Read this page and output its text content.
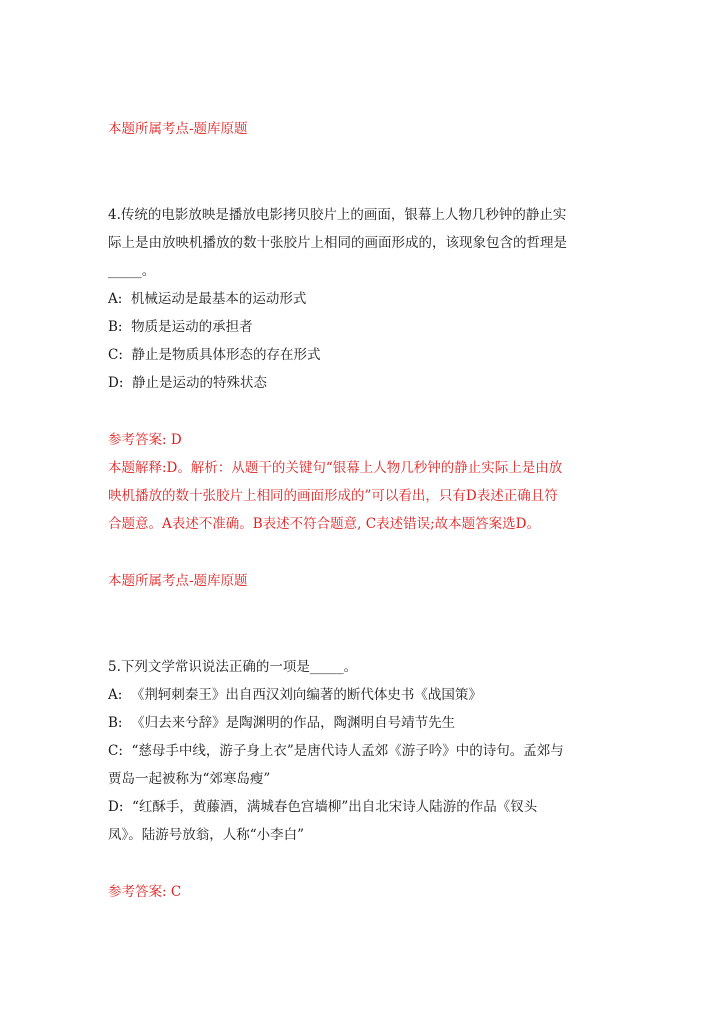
本题所属考点-题库原题
4.传统的电影放映是播放电影拷贝胶片上的画面，银幕上人物几秒钟的静止实
际上是由放映机播放的数十张胶片上相同的画面形成的，该现象包含的哲理是
_____。
A: 机械运动是最基本的运动形式
B: 物质是运动的承担者
C: 静止是物质具体形态的存在形式
D: 静止是运动的特殊状态
参考答案: D
本题解释:D。解析：从题干的关键句“银幕上人物几秒钟的静止实际上是由放
映机播放的数十张胶片上相同的画面形成的”可以看出，只有D表述正确且符
合题意。A表述不准确。B表述不符合题意, C表述错误;故本题答案选D。
本题所属考点-题库原题
5.下列文学常识说法正确的一项是_____。
A: 《荆轲刺秦王》出自西汉刘向编著的断代体史书《战国策》
B: 《归去来兮辞》是陶渊明的作品，陶渊明自号靖节先生
C: “慈母手中线，游子身上衣”是唐代诗人孟郊《游子吟》中的诗句。孟郊与
贾岛一起被称为“郊寒岛瘦”
D: “红酥手，黄藤酒，满城春色宫墙柳”出自北宋诗人陆游的作品《钗头
凤》。陆游号放翁，人称“小李白”
参考答案: C
